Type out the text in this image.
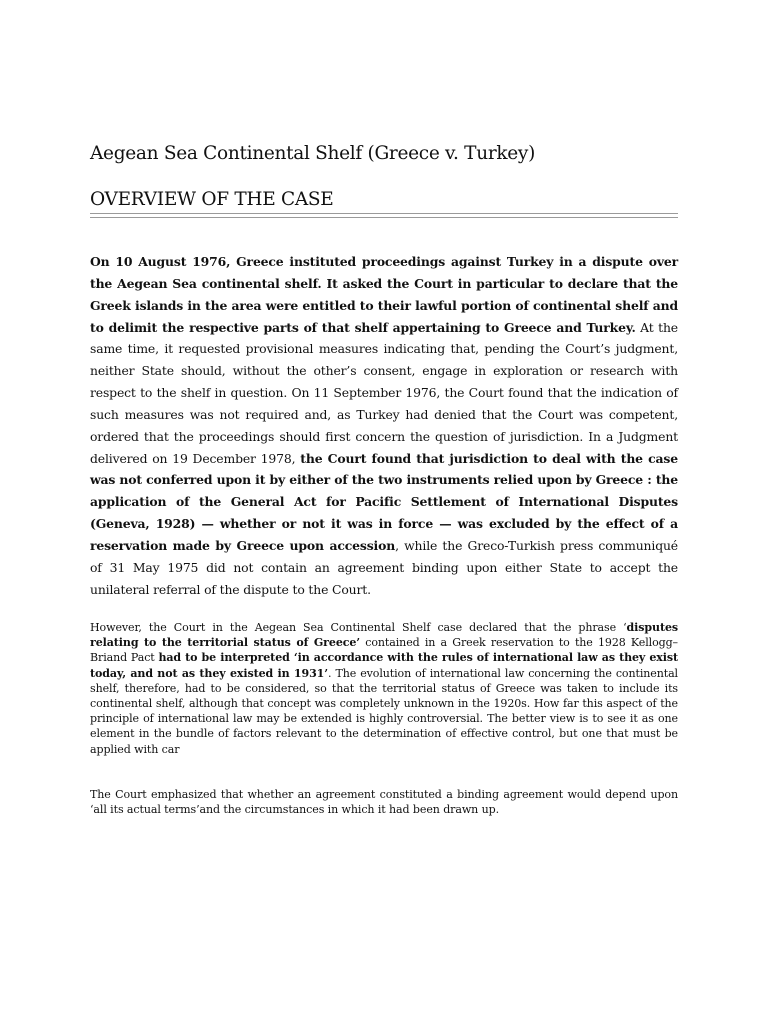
Aegean Sea Continental Shelf (Greece v. Turkey)
OVERVIEW OF THE CASE

On 10 August 1976, Greece instituted proceedings against Turkey in a dispute over the Aegean Sea continental shelf. It asked the Court in particular to declare that the Greek islands in the area were entitled to their lawful portion of continental shelf and to delimit the respective parts of that shelf appertaining to Greece and Turkey. At the same time, it requested provisional measures indicating that, pending the Court’s judgment, neither State should, without the other’s consent, engage in exploration or research with respect to the shelf in question. On 11 September 1976, the Court found that the indication of such measures was not required and, as Turkey had denied that the Court was competent, ordered that the proceedings should first concern the question of jurisdiction. In a Judgment delivered on 19 December 1978, the Court found that jurisdiction to deal with the case was not conferred upon it by either of the two instruments relied upon by Greece : the application of the General Act for Pacific Settlement of International Disputes (Geneva, 1928) — whether or not it was in force — was excluded by the effect of a reservation made by Greece upon accession, while the Greco-Turkish press communiqué of 31 May 1975 did not contain an agreement binding upon either State to accept the unilateral referral of the dispute to the Court.

However, the Court in the Aegean Sea Continental Shelf case declared that the phrase ‘disputes relating to the territorial status of Greece’ contained in a Greek reservation to the 1928 Kellogg–Briand Pact had to be interpreted ‘in accordance with the rules of international law as they exist today, and not as they existed in 1931’. The evolution of international law concerning the continental shelf, therefore, had to be considered, so that the territorial status of Greece was taken to include its continental shelf, although that concept was completely unknown in the 1920s. How far this aspect of the principle of international law may be extended is highly controversial. The better view is to see it as one element in the bundle of factors relevant to the determination of effective control, but one that must be applied with car

The Court emphasized that whether an agreement constituted a binding agreement would depend upon ‘all its actual terms’and the circumstances in which it had been drawn up.
